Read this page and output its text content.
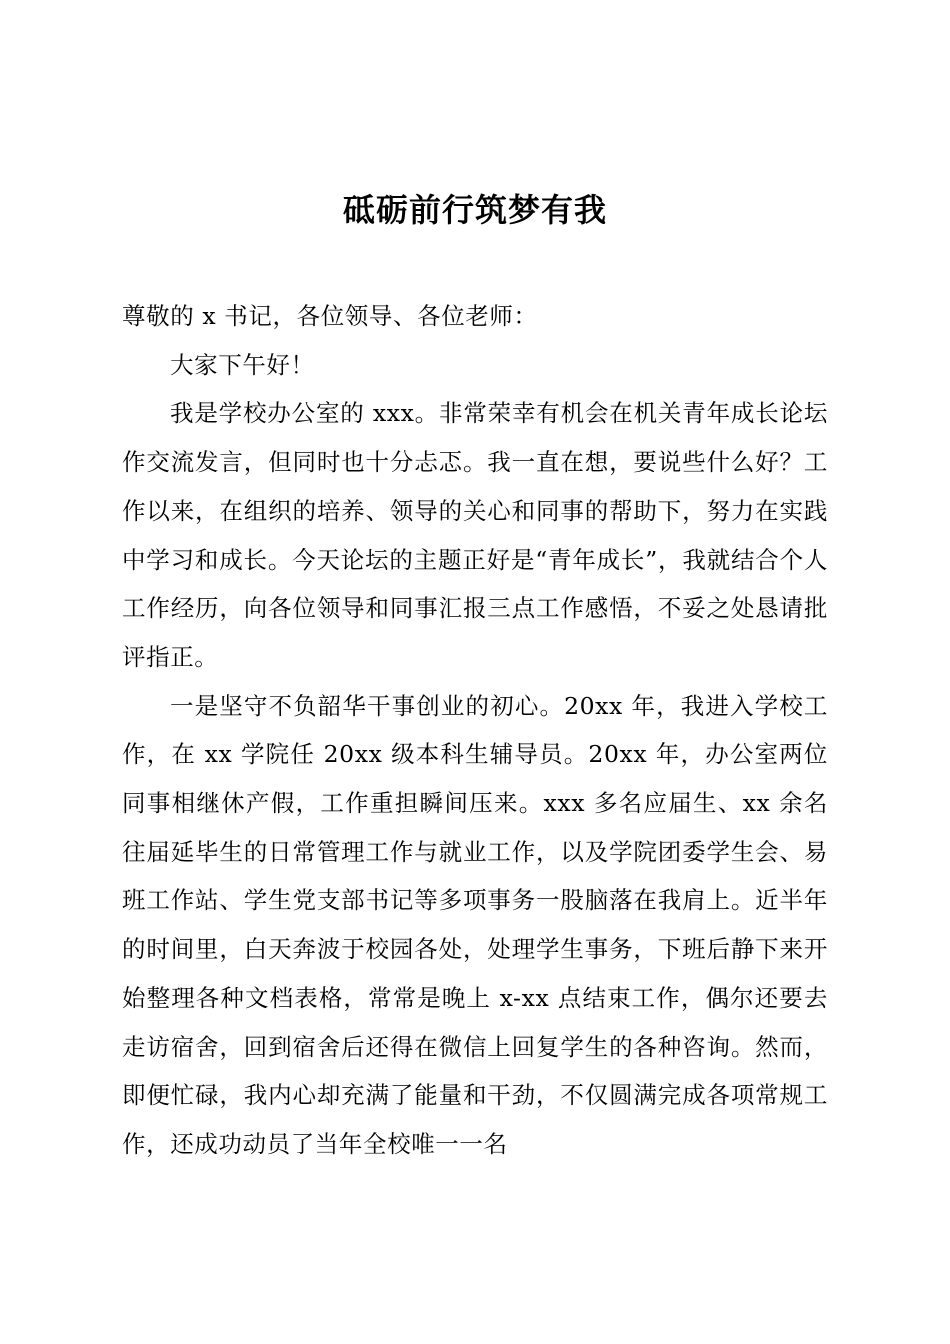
砥砺前行筑梦有我

尊敬的 x 书记，各位领导、各位老师：

大家下午好！

我是学校办公室的 xxx。非常荣幸有机会在机关青年成长论坛作交流发言，但同时也十分忐忑。我一直在想，要说些什么好？工作以来，在组织的培养、领导的关心和同事的帮助下，努力在实践中学习和成长。今天论坛的主题正好是“青年成长”，我就结合个人工作经历，向各位领导和同事汇报三点工作感悟，不妥之处恳请批评指正。

一是坚守不负韶华干事创业的初心。20xx 年，我进入学校工作，在 xx 学院任 20xx 级本科生辅导员。20xx 年，办公室两位同事相继休产假，工作重担瞬间压来。xxx 多名应届生、xx 余名往届延毕生的日常管理工作与就业工作，以及学院团委学生会、易班工作站、学生党支部书记等多项事务一股脑落在我肩上。近半年的时间里，白天奔波于校园各处，处理学生事务，下班后静下来开始整理各种文档表格，常常是晚上 x-xx 点结束工作，偶尔还要去走访宿舍，回到宿舍后还得在微信上回复学生的各种咨询。然而，即便忙碌，我内心却充满了能量和干劲，不仅圆满完成各项常规工作，还成功动员了当年全校唯一一名
